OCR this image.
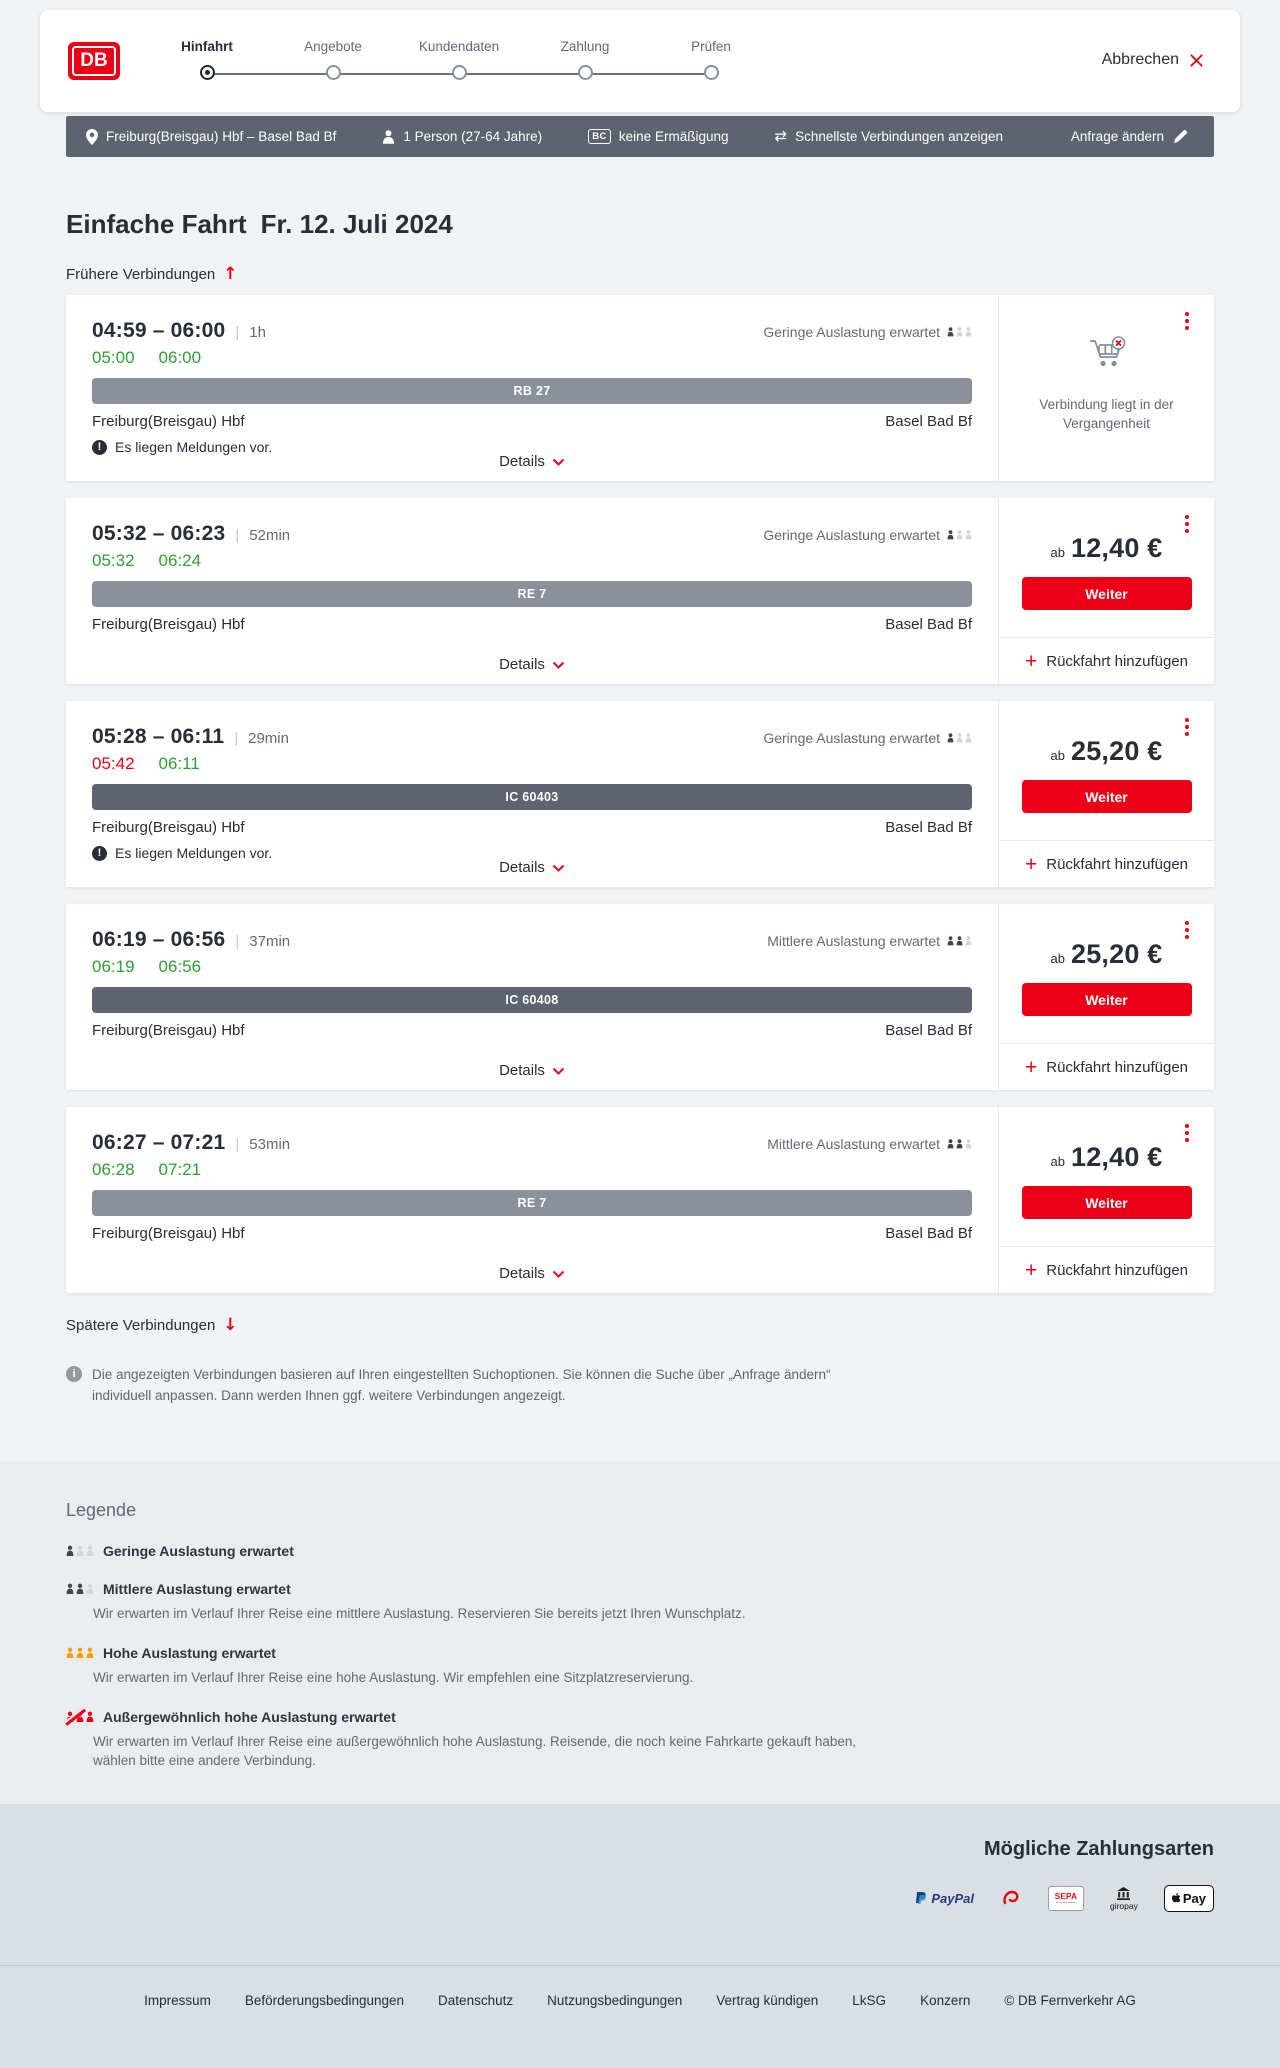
DB
Hinfahrt	Angebote	Kundendaten	Zahlung	Prüfen
Abbrechen
Freiburg(Breisgau) Hbf – Basel Bad Bf	1 Person (27-64 Jahre)	BC keine Ermäßigung	⇄ Schnellste Verbindungen anzeigen	Anfrage ändern
Einfache Fahrt Fr. 12. Juli 2024
Frühere Verbindungen ↑
04:59 – 06:00 | 1h	Geringe Auslastung erwartet
05:00 06:00
RB 27
Freiburg(Breisgau) Hbf	Basel Bad Bf
! Es liegen Meldungen vor.
Details

Verbindung liegt in der Vergangenheit

05:32 – 06:23 | 52min	Geringe Auslastung erwartet
05:32 06:24
RE 7
Freiburg(Breisgau) Hbf	Basel Bad Bf
Details
ab 12,40 €
Weiter
+ Rückfahrt hinzufügen
05:28 – 06:11 | 29min	Geringe Auslastung erwartet
05:42 06:11
IC 60403
Freiburg(Breisgau) Hbf	Basel Bad Bf
! Es liegen Meldungen vor.
Details
ab 25,20 €
Weiter
+ Rückfahrt hinzufügen
06:19 – 06:56 | 37min	Mittlere Auslastung erwartet
06:19 06:56
IC 60408
Freiburg(Breisgau) Hbf	Basel Bad Bf
Details
ab 25,20 €
Weiter
+ Rückfahrt hinzufügen
06:27 – 07:21 | 53min	Mittlere Auslastung erwartet
06:28 07:21
RE 7
Freiburg(Breisgau) Hbf	Basel Bad Bf
Details
ab 12,40 €
Weiter
+ Rückfahrt hinzufügen
Spätere Verbindungen ↓
i	Die angezeigten Verbindungen basieren auf Ihren eingestellten Suchoptionen. Sie können die Suche über „Anfrage ändern“ individuell anpassen. Dann werden Ihnen ggf. weitere Verbindungen angezeigt.

Legende
Geringe Auslastung erwartet
Mittlere Auslastung erwartet

Wir erwarten im Verlauf Ihrer Reise eine mittlere Auslastung. Reservieren Sie bereits jetzt Ihren Wunschplatz.

Hohe Auslastung erwartet

Wir erwarten im Verlauf Ihrer Reise eine hohe Auslastung. Wir empfehlen eine Sitzplatzreservierung.

Außergewöhnlich hohe Auslastung erwartet

Wir erwarten im Verlauf Ihrer Reise eine außergewöhnlich hohe Auslastung. Reisende, die noch keine Fahrkarte gekauft haben, wählen bitte eine andere Verbindung.

Mögliche Zahlungsarten
PayPal	SEPA
giropay	Pay
Impressum	Beförderungsbedingungen	Datenschutz	Nutzungsbedingungen	Vertrag kündigen	LkSG	Konzern	© DB Fernverkehr AG
